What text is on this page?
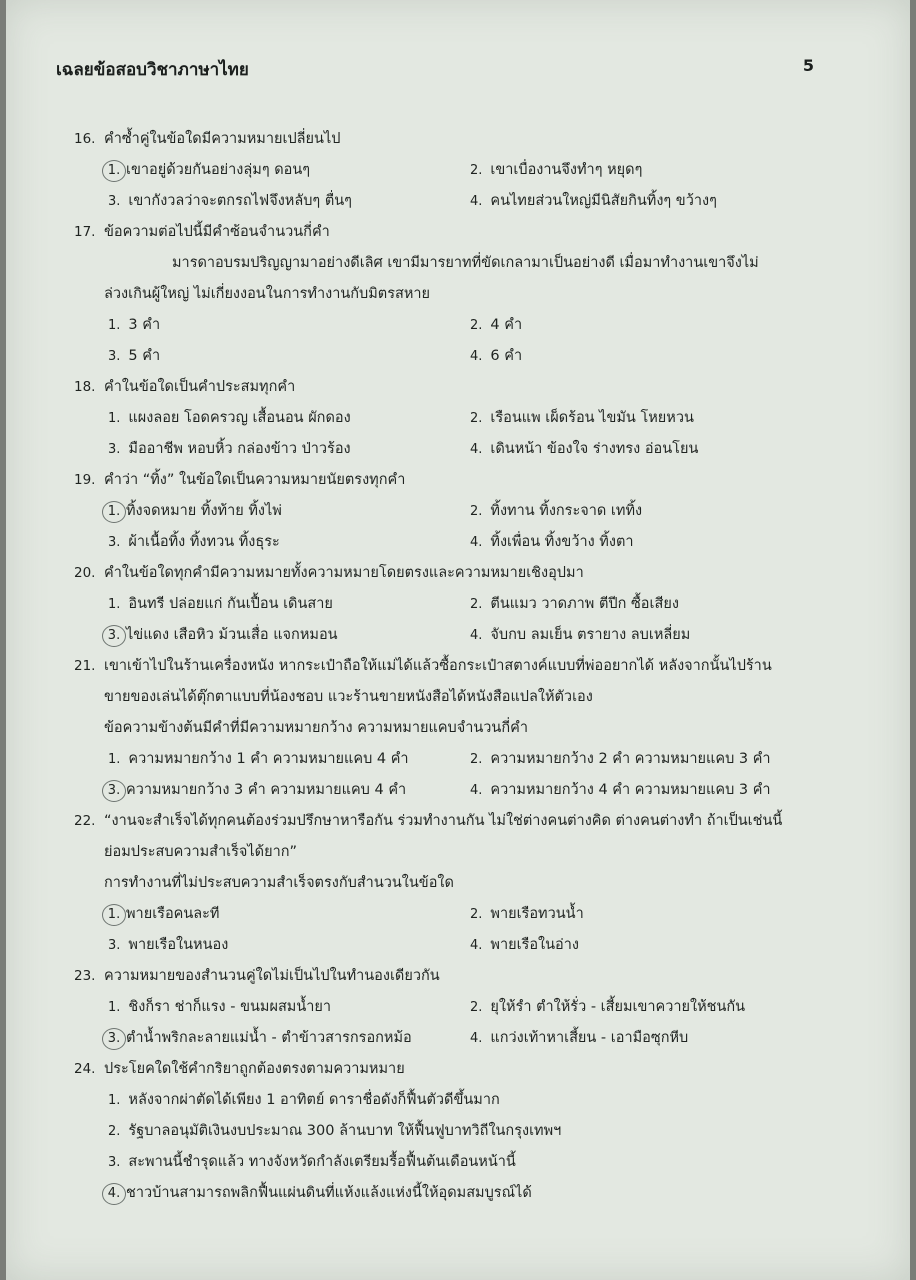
เฉลยข้อสอบวิชาภาษาไทย	5
16. คำซ้ำคู่ในข้อใดมีความหมายเปลี่ยนไป
1. เขาอยู่ด้วยกันอย่างลุ่มๆ ดอนๆ	2. เขาเบื่องานจึงทำๆ หยุดๆ
3. เขากังวลว่าจะตกรถไฟจึงหลับๆ ตื่นๆ	4. คนไทยส่วนใหญ่มีนิสัยกินทิ้งๆ ขว้างๆ
17. ข้อความต่อไปนี้มีคำซ้อนจำนวนกี่คำ
มารดาอบรมปริญญามาอย่างดีเลิศ เขามีมารยาทที่ขัดเกลามาเป็นอย่างดี เมื่อมาทำงานเขาจึงไม่
ล่วงเกินผู้ใหญ่ ไม่เกี่ยงงอนในการทำงานกับมิตรสหาย
1. 3 คำ	2. 4 คำ
3. 5 คำ	4. 6 คำ
18. คำในข้อใดเป็นคำประสมทุกคำ
1. แผงลอย โอดครวญ เสื้อนอน ผักดอง	2. เรือนแพ เผ็ดร้อน ไขมัน โหยหวน
3. มืออาชีพ หอบหิ้ว กล่องข้าว ป่าวร้อง	4. เดินหน้า ข้องใจ ร่างทรง อ่อนโยน
19. คำว่า “ทิ้ง” ในข้อใดเป็นความหมายนัยตรงทุกคำ
1. ทิ้งจดหมาย ทิ้งท้าย ทิ้งไพ่	2. ทิ้งทาน ทิ้งกระจาด เททิ้ง
3. ผ้าเนื้อทิ้ง ทิ้งทวน ทิ้งธุระ	4. ทิ้งเพื่อน ทิ้งขว้าง ทิ้งตา
20. คำในข้อใดทุกคำมีความหมายทั้งความหมายโดยตรงและความหมายเชิงอุปมา
1. อินทรี ปล่อยแก่ กันเปื้อน เดินสาย	2. ตีนแมว วาดภาพ ตีปีก ซื้อเสียง
3. ไข่แดง เสือหิว ม้วนเสื่อ แจกหมอน	4. จับกบ ลมเย็น ตรายาง ลบเหลี่ยม
21. เขาเข้าไปในร้านเครื่องหนัง หากระเป๋าถือให้แม่ได้แล้วซื้อกระเป๋าสตางค์แบบที่พ่ออยากได้ หลังจากนั้นไปร้าน
ขายของเล่นได้ตุ๊กตาแบบที่น้องชอบ แวะร้านขายหนังสือได้หนังสือแปลให้ตัวเอง
ข้อความข้างต้นมีคำที่มีความหมายกว้าง ความหมายแคบจำนวนกี่คำ
1. ความหมายกว้าง 1 คำ ความหมายแคบ 4 คำ	2. ความหมายกว้าง 2 คำ ความหมายแคบ 3 คำ
3. ความหมายกว้าง 3 คำ ความหมายแคบ 4 คำ	4. ความหมายกว้าง 4 คำ ความหมายแคบ 3 คำ
22. “งานจะสำเร็จได้ทุกคนต้องร่วมปรึกษาหารือกัน ร่วมทำงานกัน ไม่ใช่ต่างคนต่างคิด ต่างคนต่างทำ ถ้าเป็นเช่นนี้
ย่อมประสบความสำเร็จได้ยาก”
การทำงานที่ไม่ประสบความสำเร็จตรงกับสำนวนในข้อใด
1. พายเรือคนละที	2. พายเรือทวนน้ำ
3. พายเรือในหนอง	4. พายเรือในอ่าง
23. ความหมายของสำนวนคู่ใดไม่เป็นไปในทำนองเดียวกัน
1. ชิงก็รา ช่าก็แรง - ขนมผสมน้ำยา	2. ยุให้รำ ตำให้รั่ว - เสี้ยมเขาควายให้ชนกัน
3. ตำน้ำพริกละลายแม่น้ำ - ตำข้าวสารกรอกหม้อ	4. แกว่งเท้าหาเสี้ยน - เอามือซุกหีบ
24. ประโยคใดใช้คำกริยาถูกต้องตรงตามความหมาย
1. หลังจากผ่าตัดได้เพียง 1 อาทิตย์ ดาราชื่อดังก็ฟื้นตัวดีขึ้นมาก
2. รัฐบาลอนุมัติเงินงบประมาณ 300 ล้านบาท ให้ฟื้นฟูบาทวิถีในกรุงเทพฯ
3. สะพานนี้ชำรุดแล้ว ทางจังหวัดกำลังเตรียมรื้อฟื้นต้นเดือนหน้านี้
4. ชาวบ้านสามารถพลิกฟื้นแผ่นดินที่แห้งแล้งแห่งนี้ให้อุดมสมบูรณ์ได้
